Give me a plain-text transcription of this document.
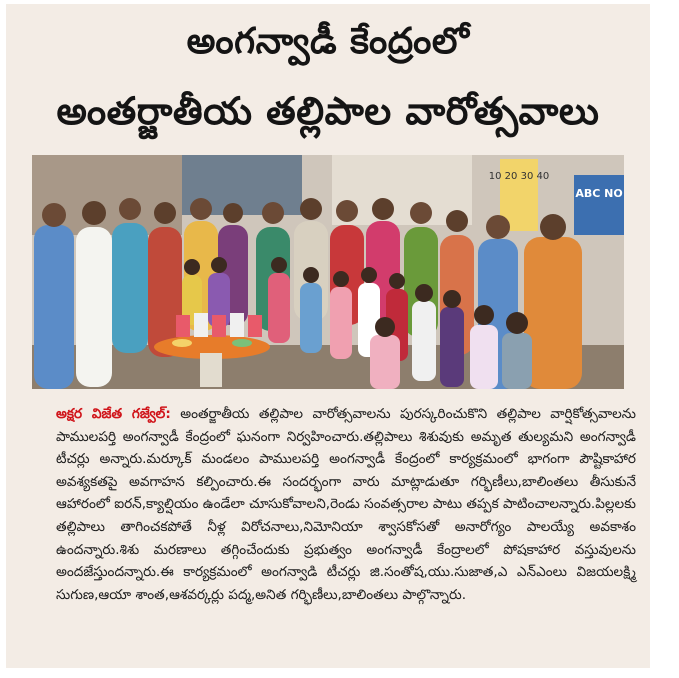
అంగన్వాడీ కేంద్రంలో
అంతర్జాతీయ తల్లిపాల వారోత్సవాలు
10 20 30 40
ABC NO
అక్షర విజేత గజ్వేల్: అంతర్జాతీయ తల్లిపాల వారోత్సవాలను పురస్కరించుకొని తల్లిపాల వార్షికోత్సవాలను పాములపర్తి అంగన్వాడీ కేంద్రంలో ఘనంగా నిర్వహించారు.తల్లిపాలు శిశువుకు అమృత తుల్యమని అంగన్వాడీ టీచర్లు అన్నారు.మర్కూక్ మండలం పాములపర్తి అంగన్వాడీ కేంద్రంలో కార్యక్రమంలో భాగంగా పౌష్టికాహార అవశ్యకతపై అవగాహన కల్పించారు.ఈ సందర్భంగా వారు మాట్లాడుతూ గర్భిణీలు,బాలింతలు తీసుకునే ఆహారంలో ఐరన్,క్యాల్షియం ఉండేలా చూసుకోవాలని,రెండు సంవత్సరాల పాటు తప్పక పాటించాలన్నారు.పిల్లలకు తల్లిపాలు తాగించకపోతే నీళ్ల విరోచనాలు,నిమోనియా శ్వాసకోసతో అనారోగ్యం పాలయ్యే అవకాశం ఉందన్నారు.శిశు మరణాలు తగ్గించేందుకు ప్రభుత్వం అంగన్వాడీ కేంద్రాలలో పోషకాహార వస్తువులను అందజేస్తుందన్నారు.ఈ కార్యక్రమంలో అంగన్వాడి టీచర్లు జి.సంతోష,యు.సుజాత,ఎ ఎన్ఎంలు విజయలక్ష్మి సుగుణ,ఆయా శాంత,ఆశవర్కర్లు పద్మ,అనిత గర్భిణీలు,బాలింతలు పాల్గొన్నారు.
